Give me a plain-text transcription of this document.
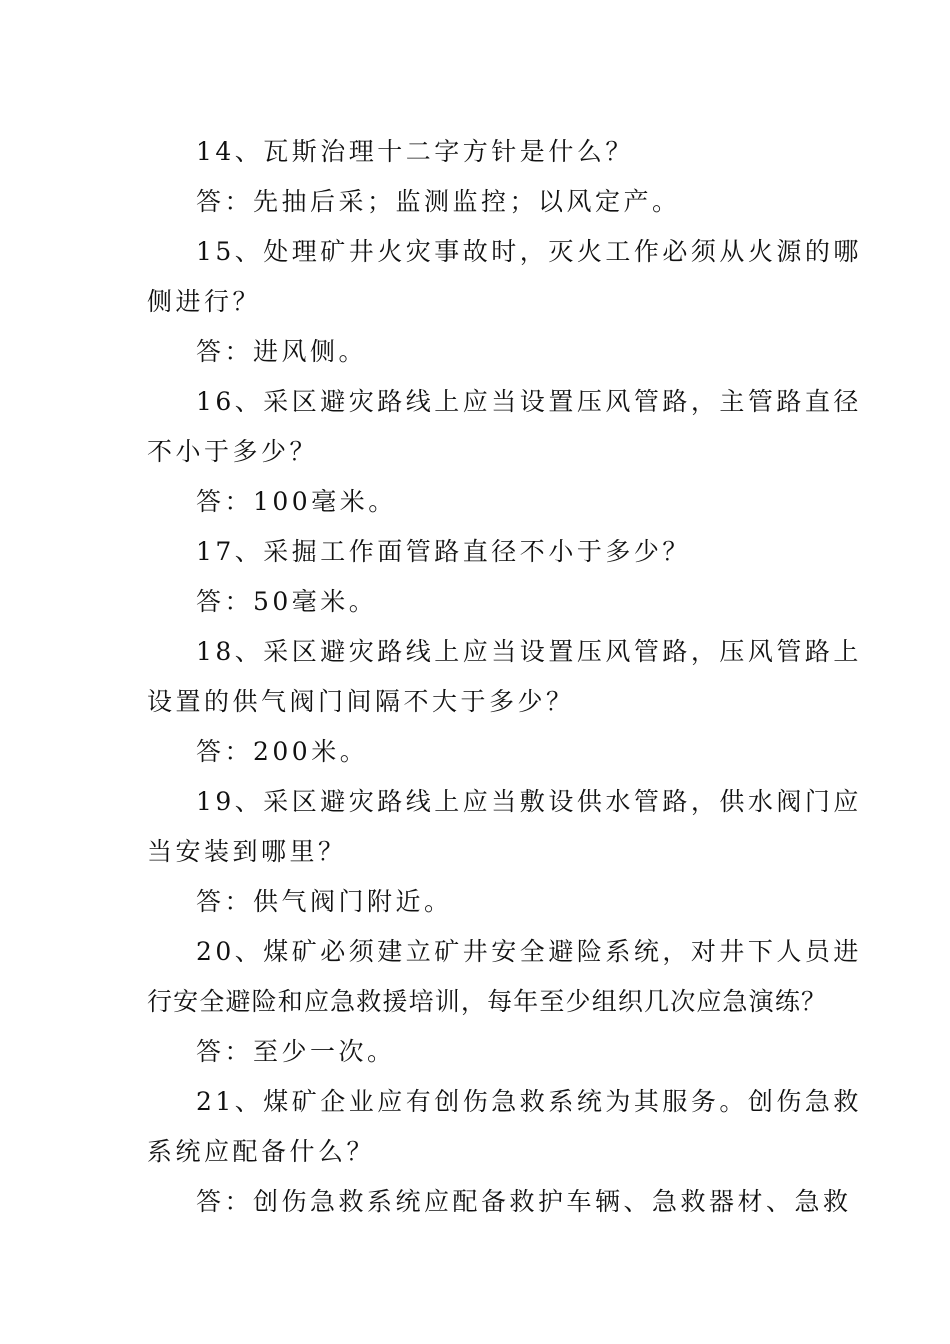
14、瓦斯治理十二字方针是什么？
答：先抽后采；监测监控；以风定产。
15、处理矿井火灾事故时，灭火工作必须从火源的哪
侧进行？
答：进风侧。
16、采区避灾路线上应当设置压风管路，主管路直径
不小于多少？
答：100毫米。
17、采掘工作面管路直径不小于多少？
答：50毫米。
18、采区避灾路线上应当设置压风管路，压风管路上
设置的供气阀门间隔不大于多少？
答：200米。
19、采区避灾路线上应当敷设供水管路，供水阀门应
当安装到哪里？
答：供气阀门附近。
20、煤矿必须建立矿井安全避险系统，对井下人员进
行安全避险和应急救援培训，每年至少组织几次应急演练？
答：至少一次。
21、煤矿企业应有创伤急救系统为其服务。创伤急救
系统应配备什么？
答：创伤急救系统应配备救护车辆、急救器材、急救
